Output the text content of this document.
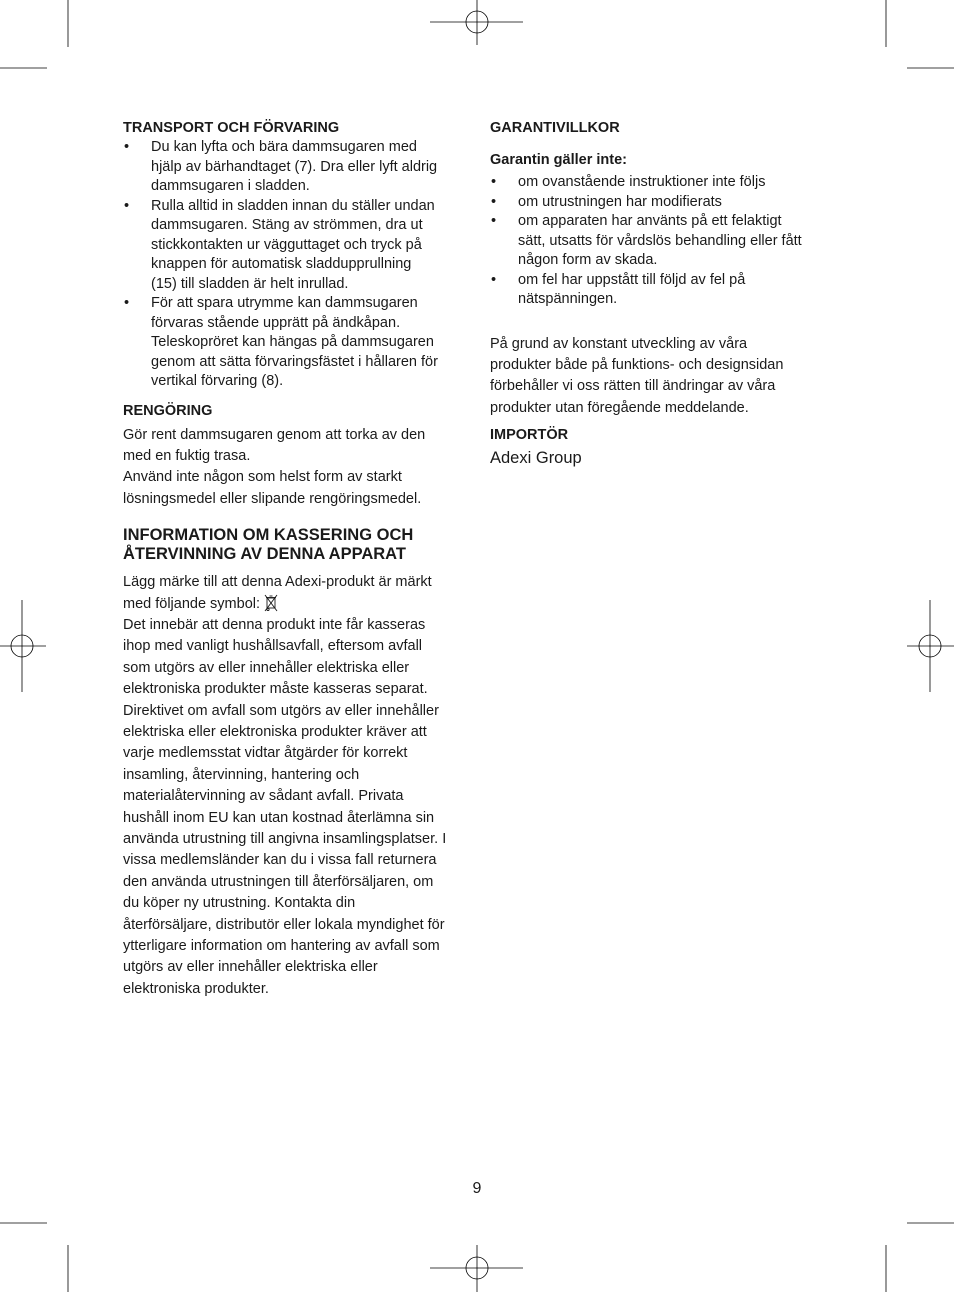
TRANSPORT OCH FÖRVARING

• Du kan lyfta och bära dammsugaren med
hjälp av bärhandtaget (7). Dra eller lyft aldrig
dammsugaren i sladden.
• Rulla alltid in sladden innan du ställer undan
dammsugaren. Stäng av strömmen, dra ut
stickkontakten ur vägguttaget och tryck på
knappen för automatisk sladdupprullning
(15) till sladden är helt inrullad.
• För att spara utrymme kan dammsugaren
förvaras stående upprätt på ändkåpan.
Teleskopröret kan hängas på dammsugaren
genom att sätta förvaringsfästet i hållaren för
vertikal förvaring (8).

RENGÖRING

Gör rent dammsugaren genom att torka av den

med en fuktig trasa.

Använd inte någon som helst form av starkt

lösningsmedel eller slipande rengöringsmedel.

INFORMATION OM KASSERING OCH

ÅTERVINNING AV DENNA APPARAT

Lägg märke till att denna Adexi-produkt är märkt

med följande symbol:

Det innebär att denna produkt inte får kasseras

ihop med vanligt hushållsavfall, eftersom avfall

som utgörs av eller innehåller elektriska eller

elektroniska produkter måste kasseras separat.

Direktivet om avfall som utgörs av eller innehåller

elektriska eller elektroniska produkter kräver att

varje medlemsstat vidtar åtgärder för korrekt

insamling, återvinning, hantering och

materialåtervinning av sådant avfall. Privata

hushåll inom EU kan utan kostnad återlämna sin

använda utrustning till angivna insamlingsplatser. I

vissa medlemsländer kan du i vissa fall returnera

den använda utrustningen till återförsäljaren, om

du köper ny utrustning. Kontakta din

återförsäljare, distributör eller lokala myndighet för

ytterligare information om hantering av avfall som

utgörs av eller innehåller elektriska eller

elektroniska produkter.

GARANTIVILLKOR

Garantin gäller inte:

• om ovanstående instruktioner inte följs
• om utrustningen har modifierats
• om apparaten har använts på ett felaktigt
sätt, utsatts för vårdslös behandling eller fått
någon form av skada.
• om fel har uppstått till följd av fel på
nätspänningen.

På grund av konstant utveckling av våra

produkter både på funktions- och designsidan

förbehåller vi oss rätten till ändringar av våra

produkter utan föregående meddelande.

IMPORTÖR

Adexi Group

9
